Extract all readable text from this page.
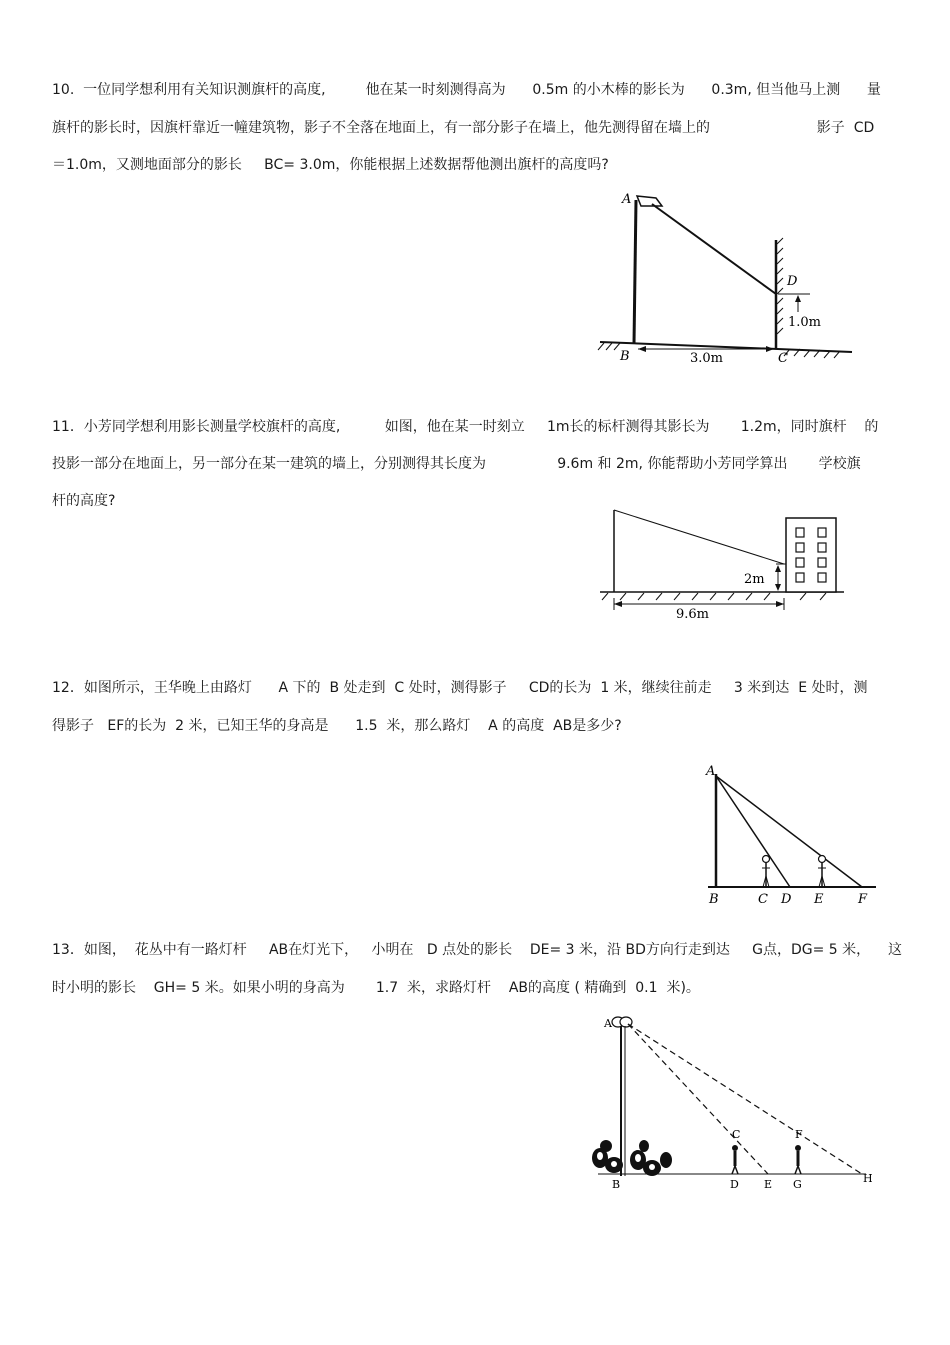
10.  一位同学想利用有关知识测旗杆的高度,         他在某一时刻测得高为      0.5m 的小木棒的影长为      0.3m, 但当他马上测      量
旗杆的影长时，因旗杆靠近一幢建筑物，影子不全落在地面上，有一部分影子在墙上，他先测得留在墙上的                        影子  CD
＝1.0m，又测地面部分的影长     BC= 3.0m，你能根据上述数据帮他测出旗杆的高度吗?
A
D
1.0m
B	3.0m	C
11．小芳同学想利用影长测量学校旗杆的高度,          如图，他在某一时刻立     1m长的标杆测得其影长为       1.2m，同时旗杆    的
投影一部分在地面上，另一部分在某一建筑的墙上，分别测得其长度为                9.6m 和 2m, 你能帮助小芳同学算出       学校旗
杆的高度?
2m
9.6m
12．如图所示，王华晚上由路灯      A 下的  B 处走到  C 处时，测得影子     CD的长为  1 米，继续往前走     3 米到达  E 处时，测
得影子   EF的长为  2 米，已知王华的身高是      1.5  米，那么路灯    A 的高度  AB是多少?
A
B	C D E	F
13．如图，  花丛中有一路灯杆     AB在灯光下，   小明在   D 点处的影长    DE= 3 米，沿 BD方向行走到达     G点，DG= 5 米，    这
时小明的影长    GH= 5 米。如果小明的身高为       1.7  米，求路灯杆    AB的高度 ( 精确到  0.1  米)。
A
C	F
B	D E G	H
